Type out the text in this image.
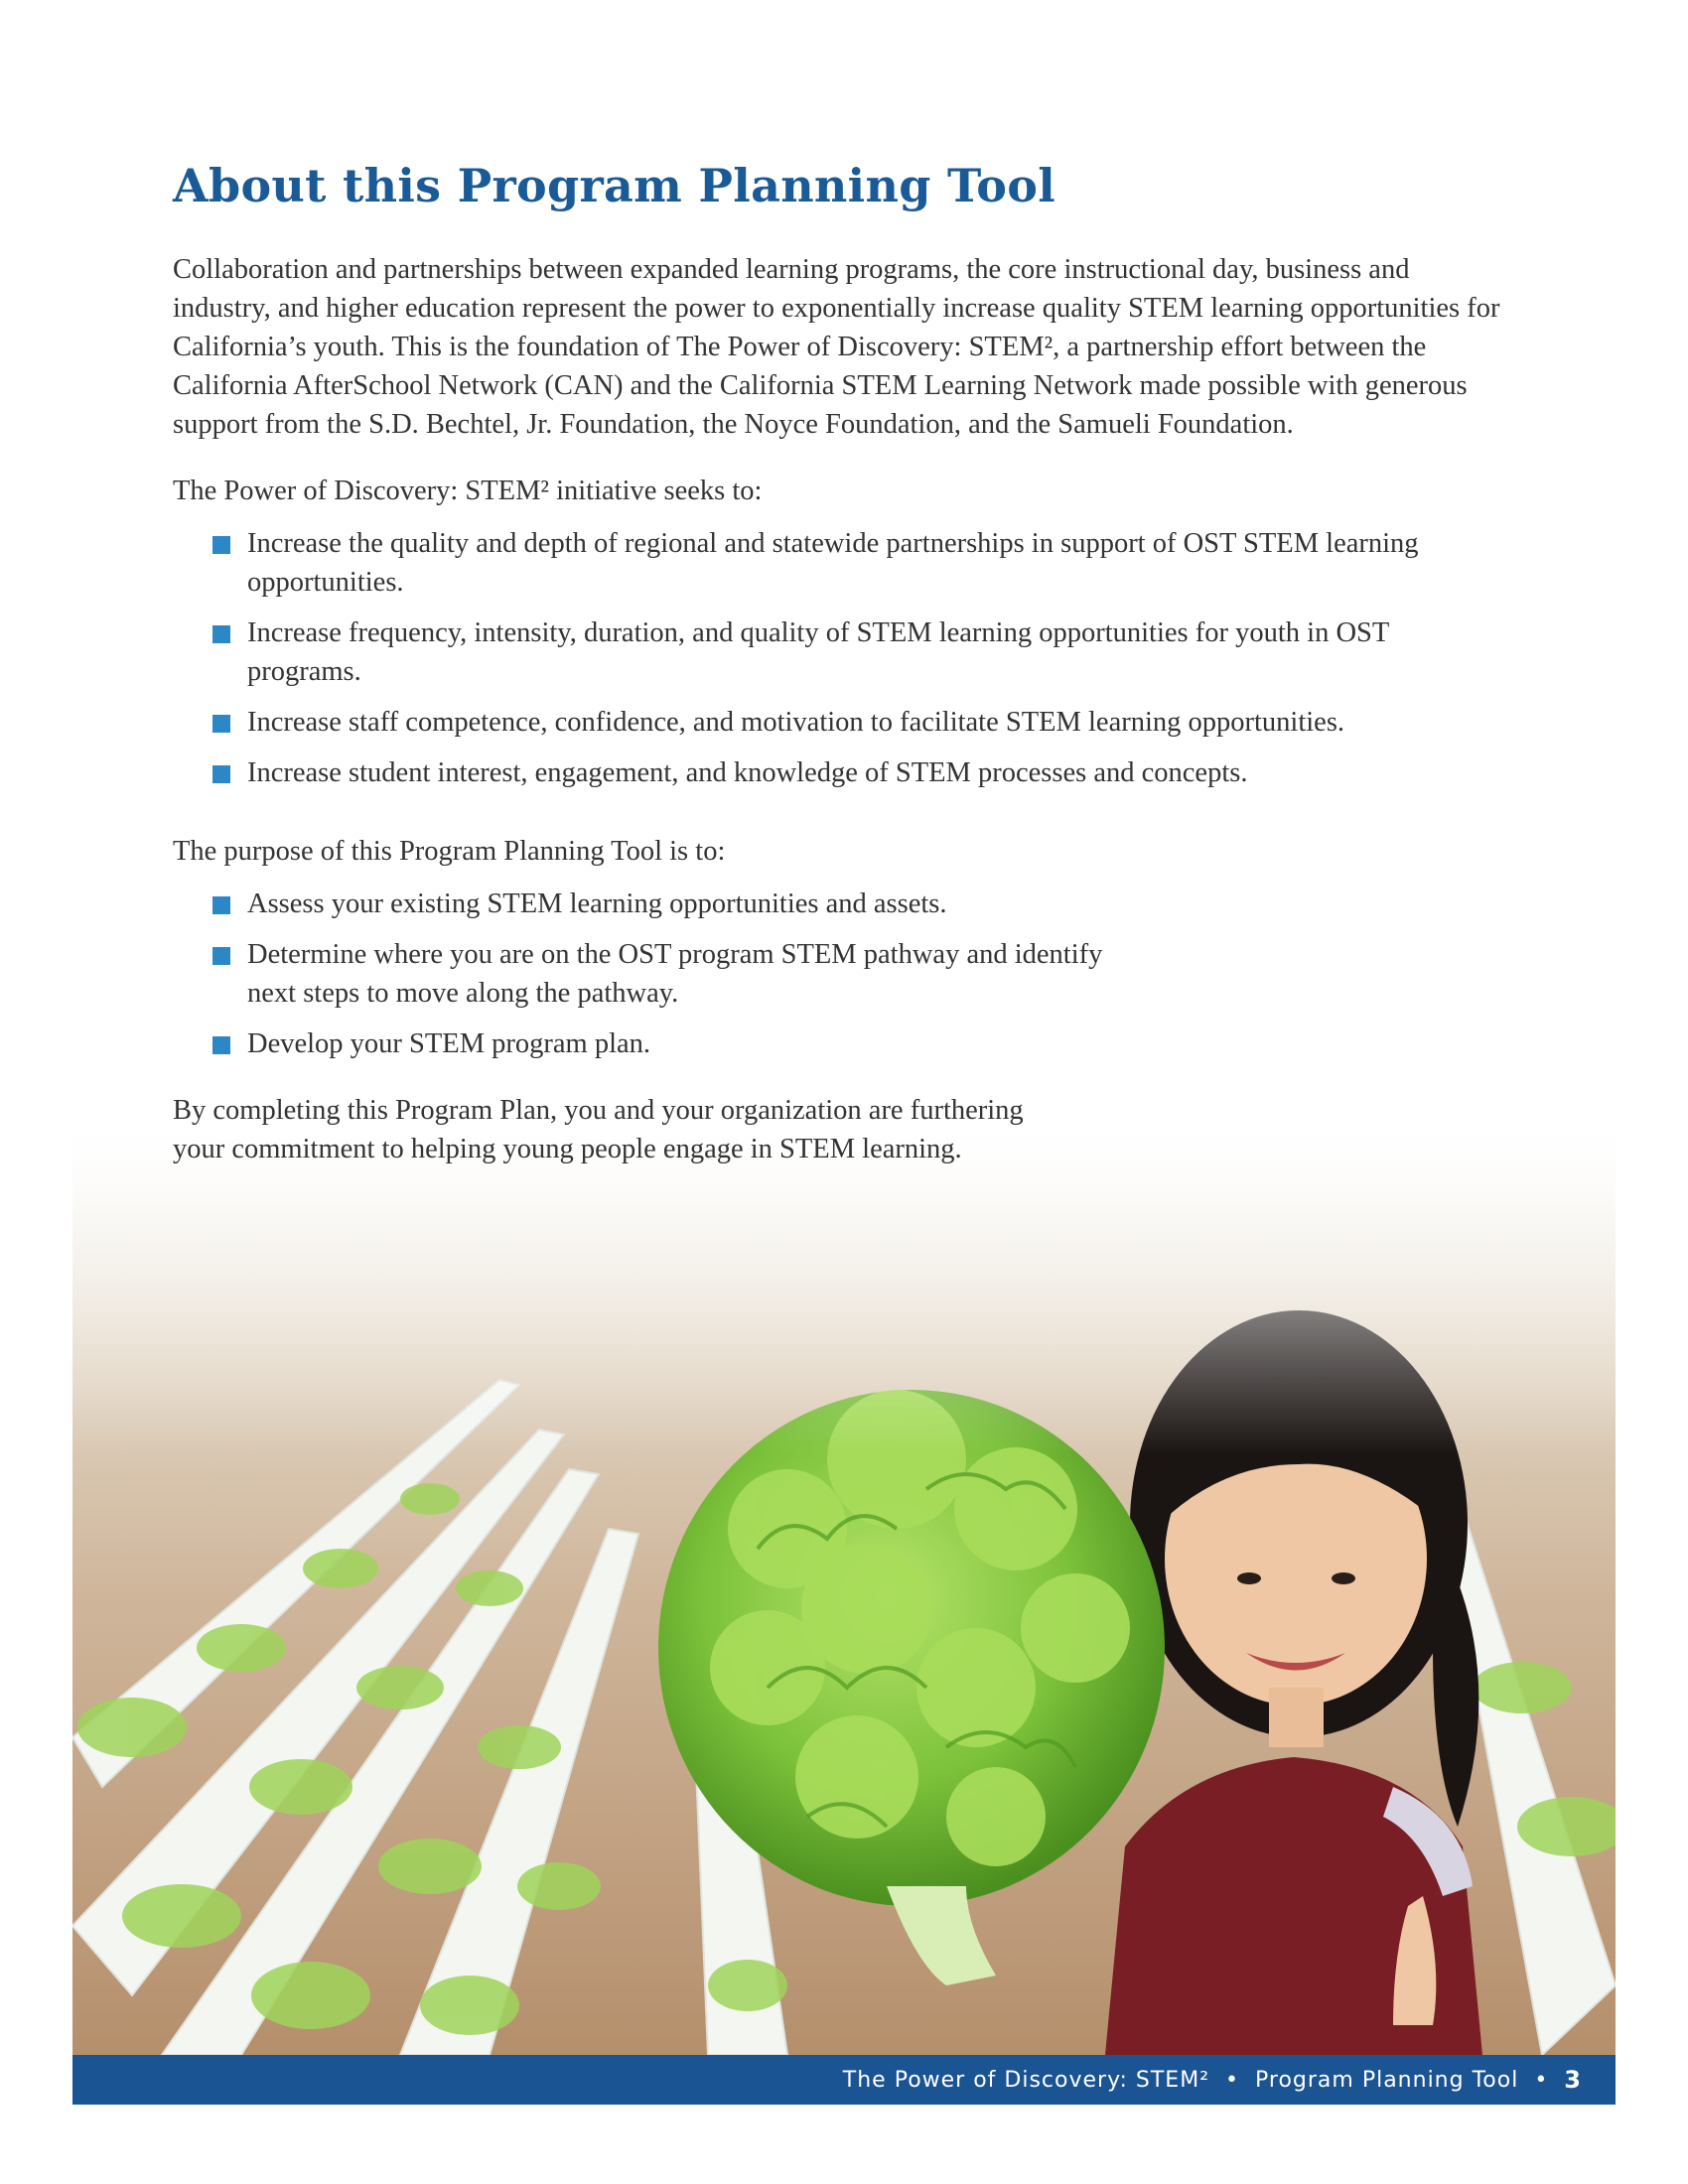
About this Program Planning Tool

Collaboration and partnerships between expanded learning programs, the core instructional day, business and industry, and higher education represent the power to exponentially increase quality STEM learning opportunities for California’s youth. This is the foundation of The Power of Discovery: STEM², a partnership effort between the California AfterSchool Network (CAN) and the California STEM Learning Network made possible with generous support from the S.D. Bechtel, Jr. Foundation, the Noyce Foundation, and the Samueli Foundation.

The Power of Discovery: STEM² initiative seeks to:

Increase the quality and depth of regional and statewide partnerships in support of OST STEM learning opportunities.
Increase frequency, intensity, duration, and quality of STEM learning opportunities for youth in OST programs.
Increase staff competence, confidence, and motivation to facilitate STEM learning opportunities.
Increase student interest, engagement, and knowledge of STEM processes and concepts.

The purpose of this Program Planning Tool is to:

Assess your existing STEM learning opportunities and assets.
Determine where you are on the OST program STEM pathway and identify next steps to move along the pathway.
Develop your STEM program plan.

By completing this Program Plan, you and your organization are furthering your commitment to helping young people engage in STEM learning.

The Power of Discovery: STEM² • Program Planning Tool • 3
